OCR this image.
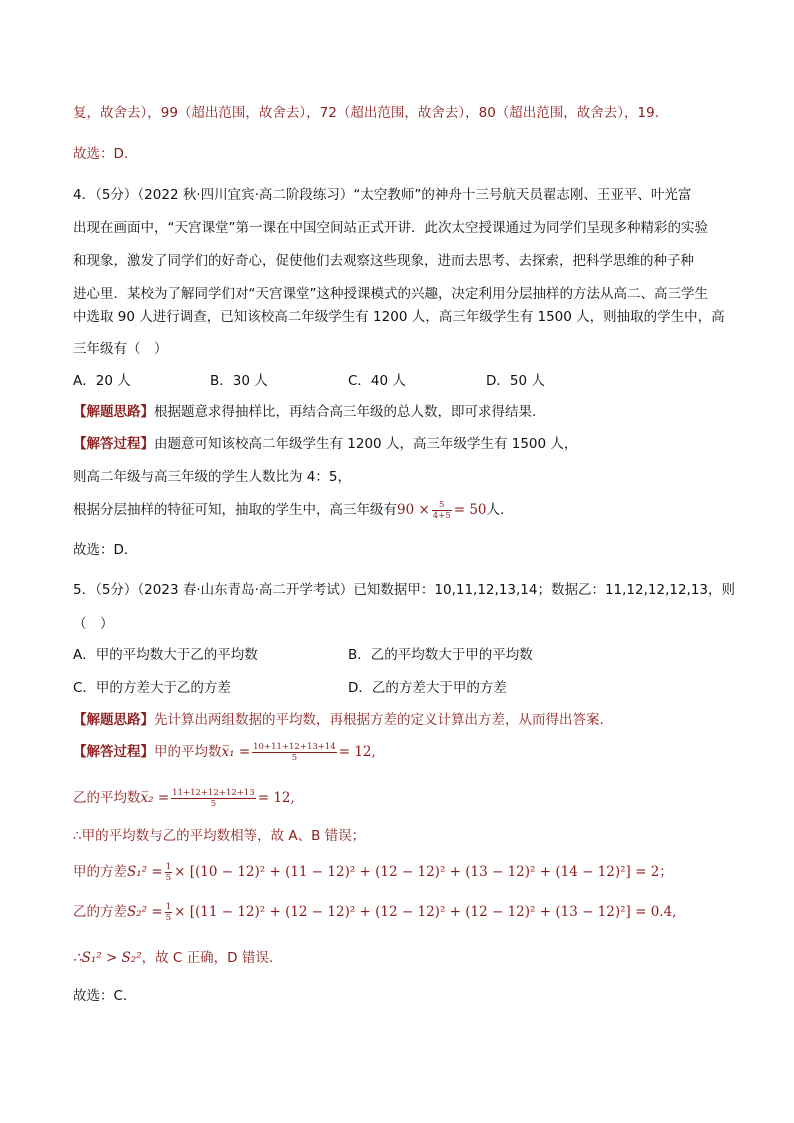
复，故舍去），99（超出范围，故舍去），72（超出范围，故舍去），80（超出范围，故舍去），19.
故选：D.
4．（5分）（2022 秋·四川宜宾·高二阶段练习）“太空教师”的神舟十三号航天员翟志刚、王亚平、叶光富
出现在画面中，“天宫课堂”第一课在中国空间站正式开讲．此次太空授课通过为同学们呈现多种精彩的实验
和现象，激发了同学们的好奇心，促使他们去观察这些现象，进而去思考、去探索，把科学思维的种子种
进心里．某校为了解同学们对“天宫课堂”这种授课模式的兴趣，决定利用分层抽样的方法从高二、高三学生
中选取 90 人进行调查，已知该校高二年级学生有 1200 人，高三年级学生有 1500 人，则抽取的学生中，高
三年级有（　）
A．20 人	B．30 人	C．40 人	D．50 人
【解题思路】根据题意求得抽样比，再结合高三年级的总人数，即可求得结果.
【解答过程】由题意可知该校高二年级学生有 1200 人，高三年级学生有 1500 人，
则高二年级与高三年级的学生人数比为 4：5，
根据分层抽样的特征可知，抽取的学生中，高三年级有$90 \times \frac{5}{4+5} = 50$人.
故选：D．
5．（5分）（2023 春·山东青岛·高二开学考试）已知数据甲：10,11,12,13,14；数据乙：11,12,12,12,13，则
（　）
A．甲的平均数大于乙的平均数	B．乙的平均数大于甲的平均数
C．甲的方差大于乙的方差	D．乙的方差大于甲的方差
【解题思路】先计算出两组数据的平均数，再根据方差的定义计算出方差，从而得出答案.
【解答过程】甲的平均数x̅₁ = $\frac{10+11+12+13+14}{5} = 12$,
乙的平均数x̅₂ = $\frac{11+12+12+12+13}{5} = 12$,
∴甲的平均数与乙的平均数相等，故 A、B 错误；
甲的方差$S_1^2 = \frac{1}{5} \times [(10 - 12)^2 + (11 - 12)^2 + (12 - 12)^2 + (13 - 12)^2 + (14 - 12)^2] = 2$；
乙的方差$S_2^2 = \frac{1}{5} \times [(11 - 12)^2 + (12 - 12)^2 + (12 - 12)^2 + (12 - 12)^2 + (13 - 12)^2] = 0.4$,
∴S₁² > S₂²，故 C 正确，D 错误.
故选：C．
